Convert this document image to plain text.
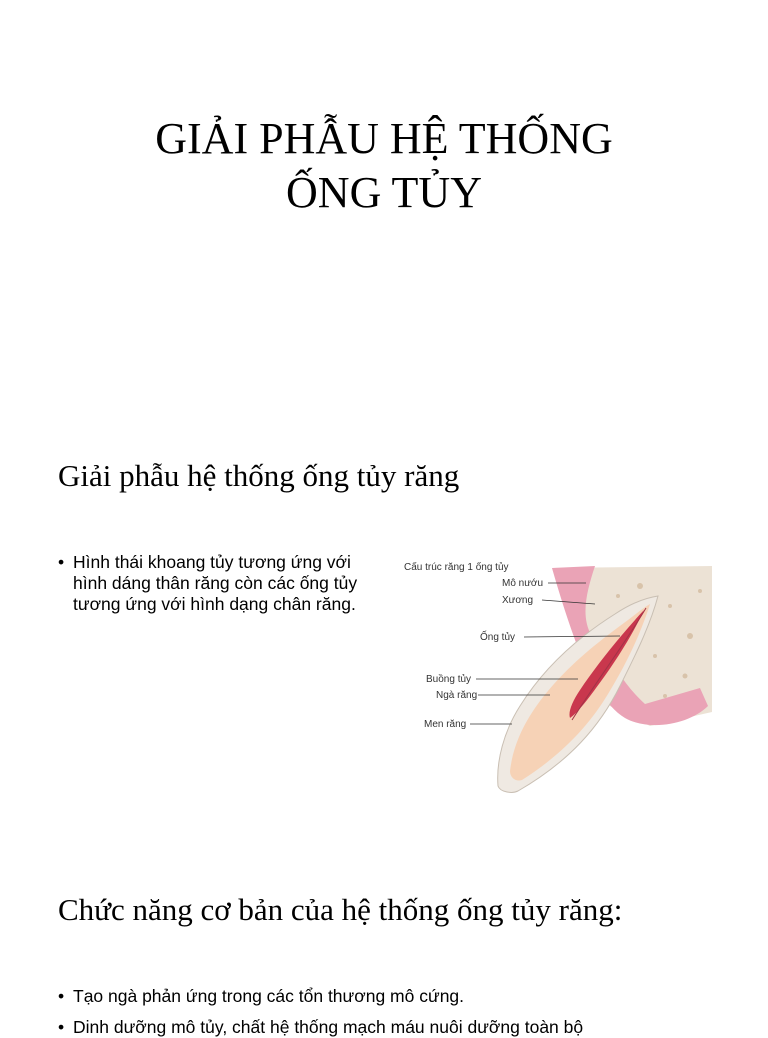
GIẢI PHẪU HỆ THỐNG
ỐNG TỦY
Giải phẫu hệ thống ống tủy răng
• Hình thái khoang tủy tương ứng với hình dáng thân răng còn các ống tủy tương ứng với hình dạng chân răng.
Cấu trúc răng 1 ống tủy
Mô nướu
Xương
Ống tủy
Buồng tủy
Ngà răng
Men răng
Chức năng cơ bản của hệ thống ống tủy răng:
• Tạo ngà phản ứng trong các tổn thương mô cứng.
• Dinh dưỡng mô tủy, chất hệ thống mạch máu nuôi dưỡng toàn bộ
